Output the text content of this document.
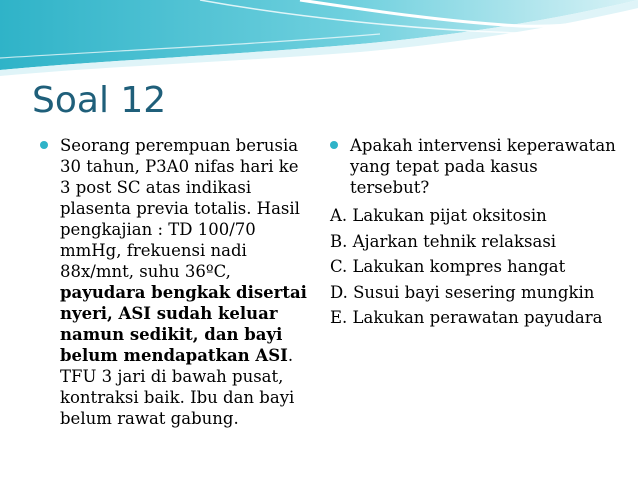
Soal 12
Seorang perempuan berusia 30 tahun, P3A0 nifas hari ke 3 post SC atas indikasi plasenta previa totalis. Hasil pengkajian : TD 100/70 mmHg, frekuensi nadi 88x/mnt, suhu 36ºC, payudara bengkak disertai nyeri, ASI sudah keluar namun sedikit, dan bayi belum mendapatkan ASI. TFU 3 jari di bawah pusat, kontraksi baik. Ibu dan bayi belum rawat gabung.
Apakah intervensi keperawatan yang tepat pada kasus tersebut?
A. Lakukan pijat oksitosin
B. Ajarkan tehnik relaksasi
C. Lakukan kompres hangat
D. Susui bayi sesering mungkin
E. Lakukan perawatan payudara
